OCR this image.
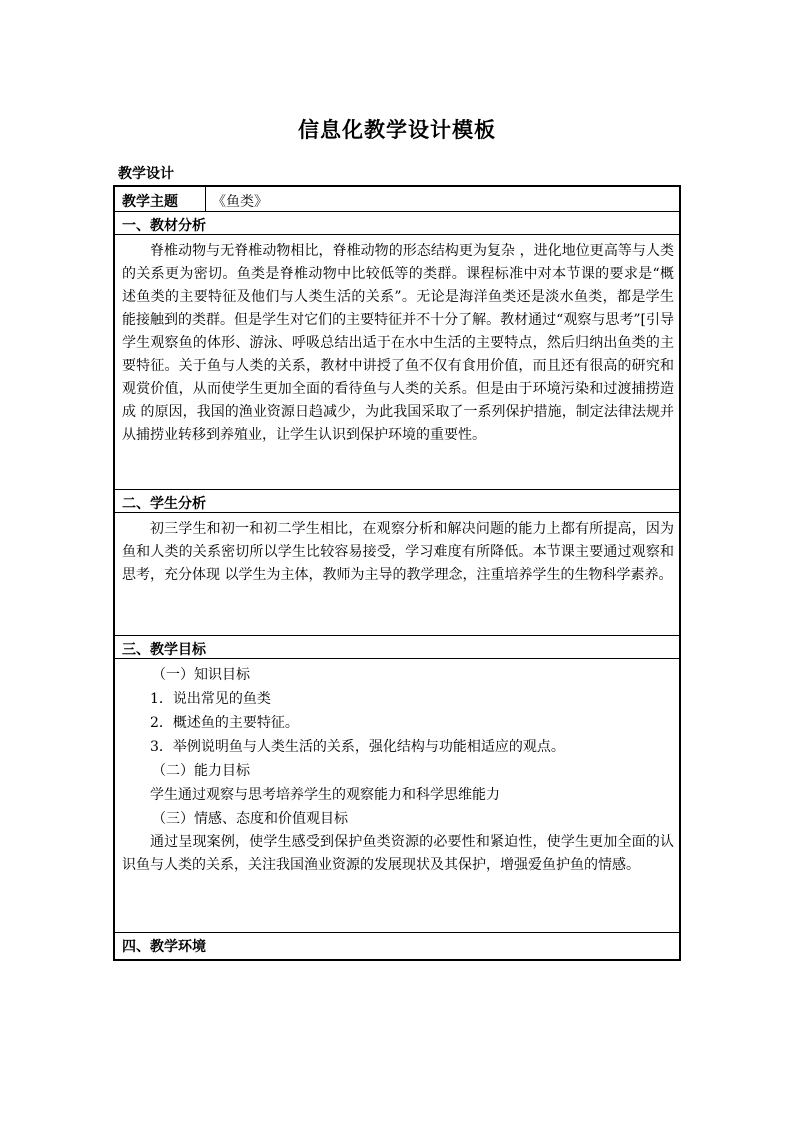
信息化教学设计模板
教学设计
教学主题	《鱼类》
一、教材分析

脊椎动物与无脊椎动物相比，脊椎动物的形态结构更为复杂 ，进化地位更高等与人类的关系更为密切。鱼类是脊椎动物中比较低等的类群。课程标准中对本节课的要求是“概述鱼类的主要特征及他们与人类生活的关系”。无论是海洋鱼类还是淡水鱼类，都是学生能接触到的类群。但是学生对它们的主要特征并不十分了解。教材通过“观察与思考”[引导学生观察鱼的体形、游泳、呼吸总结出适于在水中生活的主要特点，然后归纳出鱼类的主要特征。关于鱼与人类的关系，教材中讲授了鱼不仅有食用价值，而且还有很高的研究和观赏价值，从而使学生更加全面的看待鱼与人类的关系。但是由于环境污染和过渡捕捞造成 的原因，我国的渔业资源日趋减少，为此我国采取了一系列保护措施，制定法律法规并从捕捞业转移到养殖业，让学生认识到保护环境的重要性。

二、学生分析

初三学生和初一和初二学生相比，在观察分析和解决问题的能力上都有所提高，因为鱼和人类的关系密切所以学生比较容易接受，学习难度有所降低。本节课主要通过观察和思考，充分体现 以学生为主体，教师为主导的教学理念，注重培养学生的生物科学素养。

三、教学目标

（一）知识目标

1．说出常见的鱼类

2．概述鱼的主要特征。

3．举例说明鱼与人类生活的关系，强化结构与功能相适应的观点。

（二）能力目标

学生通过观察与思考培养学生的观察能力和科学思维能力

（三）情感、态度和价值观目标

通过呈现案例，使学生感受到保护鱼类资源的必要性和紧迫性，使学生更加全面的认识鱼与人类的关系，关注我国渔业资源的发展现状及其保护，增强爱鱼护鱼的情感。

四、教学环境
